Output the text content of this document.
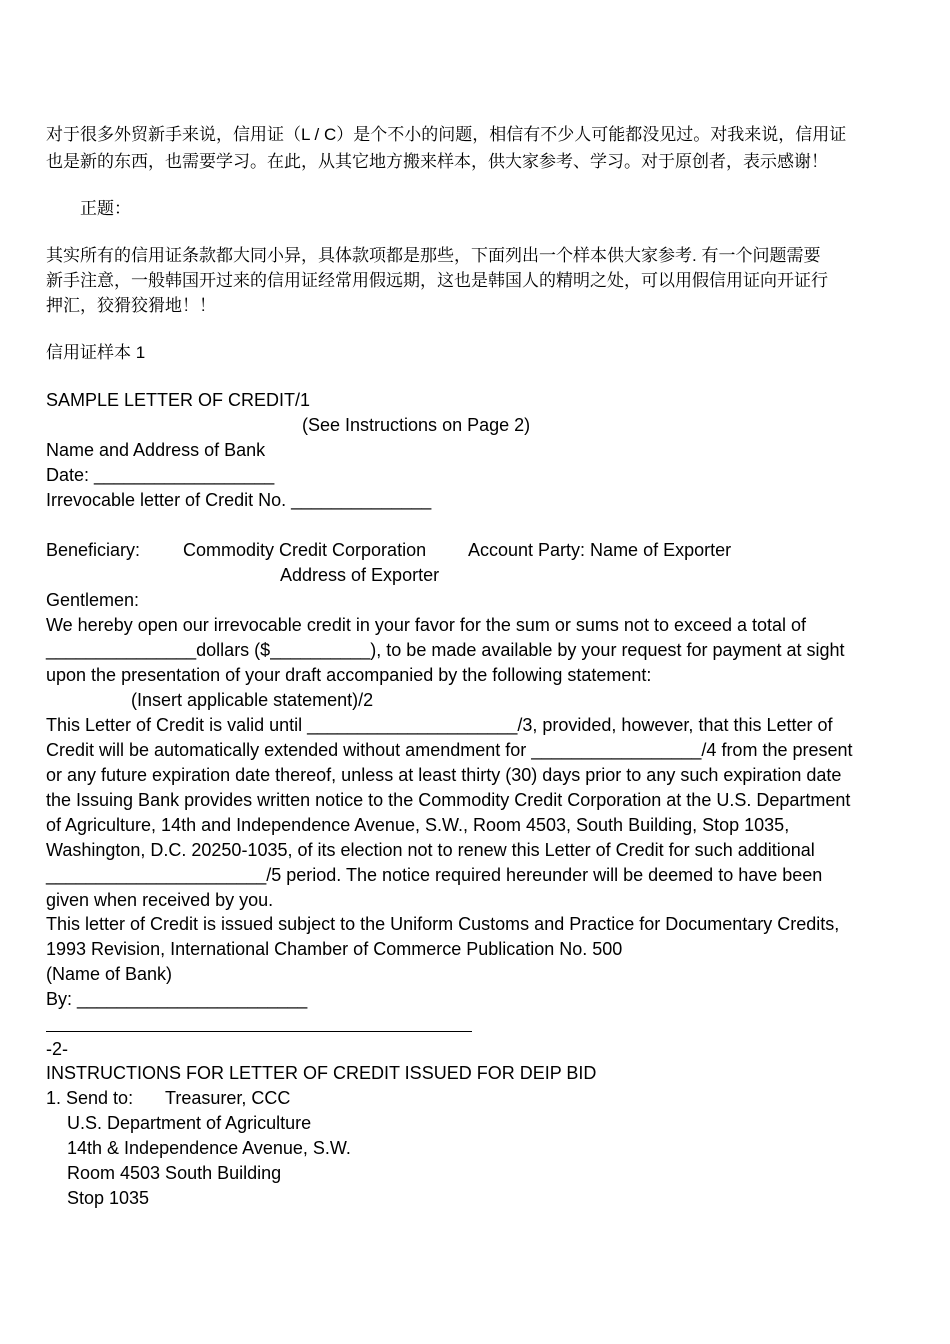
对于很多外贸新手来说，信用证（L / C）是个不小的问题，相信有不少人可能都没见过。对我来说，信用证
也是新的东西，也需要学习。在此，从其它地方搬来样本，供大家参考、学习。对于原创者，表示感谢！
正题：
其实所有的信用证条款都大同小异，具体款项都是那些，下面列出一个样本供大家参考. 有一个问题需要
新手注意，一般韩国开过来的信用证经常用假远期，这也是韩国人的精明之处，可以用假信用证向开证行
押汇，狡猾狡猾地！！
信用证样本 1
SAMPLE LETTER OF CREDIT/1
(See Instructions on Page 2)
Name and Address of Bank
Date: __________________
Irrevocable letter of Credit No. ______________
Beneficiary: Commodity Credit Corporation Account Party: Name of Exporter
Address of Exporter
Gentlemen:
We hereby open our irrevocable credit in your favor for the sum or sums not to exceed a total of
_______________dollars ($__________), to be made available by your request for payment at sight
upon the presentation of your draft accompanied by the following statement:
(Insert applicable statement)/2
This Letter of Credit is valid until _____________________/3, provided, however, that this Letter of
Credit will be automatically extended without amendment for _________________/4 from the present
or any future expiration date thereof, unless at least thirty (30) days prior to any such expiration date
the Issuing Bank provides written notice to the Commodity Credit Corporation at the U.S. Department
of Agriculture, 14th and Independence Avenue, S.W., Room 4503, South Building, Stop 1035,
Washington, D.C. 20250-1035, of its election not to renew this Letter of Credit for such additional
______________________/5 period. The notice required hereunder will be deemed to have been
given when received by you.
This letter of Credit is issued subject to the Uniform Customs and Practice for Documentary Credits,
1993 Revision, International Chamber of Commerce Publication No. 500
(Name of Bank)
By: _______________________
-2-
INSTRUCTIONS FOR LETTER OF CREDIT ISSUED FOR DEIP BID
1. Send to: Treasurer, CCC
U.S. Department of Agriculture
14th & Independence Avenue, S.W.
Room 4503 South Building
Stop 1035
